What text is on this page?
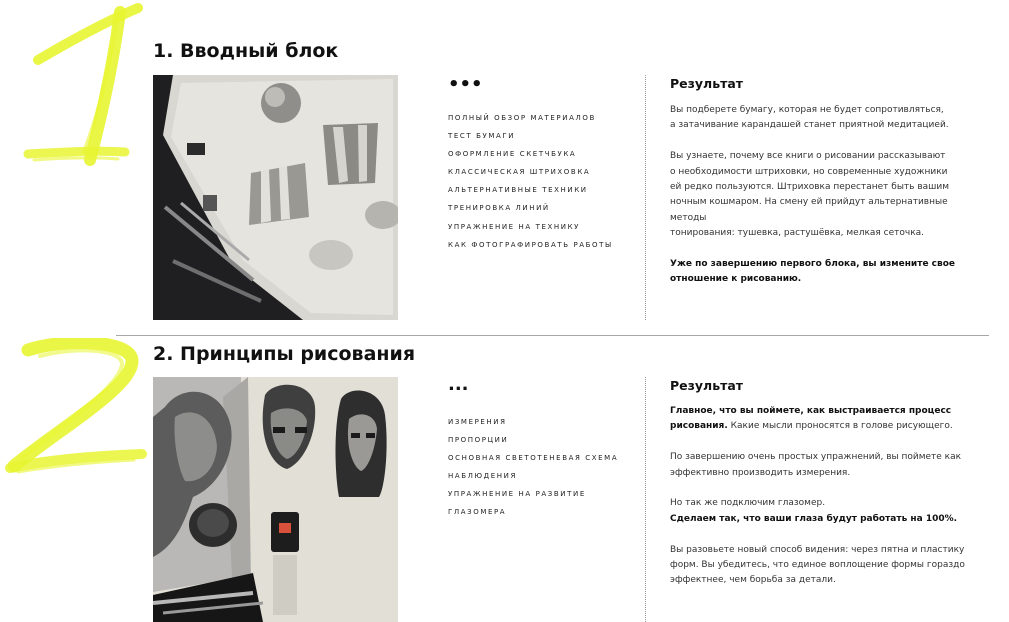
1. Вводный блок
•••
ПОЛНЫЙ ОБЗОР МАТЕРИАЛОВ
ТЕСТ БУМАГИ
ОФОРМЛЕНИЕ СКЕТЧБУКА
КЛАССИЧЕСКАЯ ШТРИХОВКА
АЛЬТЕРНАТИВНЫЕ ТЕХНИКИ
ТРЕНИРОВКА ЛИНИЙ
УПРАЖНЕНИЕ НА ТЕХНИКУ
КАК ФОТОГРАФИРОВАТЬ РАБОТЫ
Результат

Вы подберете бумагу, которая не будет сопротивляться,
а затачивание карандашей станет приятной медитацией.

Вы узнаете, почему все книги о рисовании рассказывают
о необходимости штриховки, но современные художники
ей редко пользуются. Штриховка перестанет быть вашим
ночным кошмаром. На смену ей прийдут альтернативные методы
тонирования: тушевка, растушёвка, мелкая сеточка.

Уже по завершению первого блока, вы измените свое
отношение к рисованию.

2. Принципы рисования
...
ИЗМЕРЕНИЯ
ПРОПОРЦИИ
ОСНОВНАЯ СВЕТОТЕНЕВАЯ СХЕМА
НАБЛЮДЕНИЯ
УПРАЖНЕНИЕ НА РАЗВИТИЕ
ГЛАЗОМЕРА
Результат

Главное, что вы поймете, как выстраивается процесс
рисования. Какие мысли проносятся в голове рисующего.

По завершению очень простых упражнений, вы поймете как
эффективно производить измерения.

Но так же подключим глазомер.
Сделаем так, что ваши глаза будут работать на 100%.

Вы разовьете новый способ видения: через пятна и пластику
форм. Вы убедитесь, что единое воплощение формы гораздо
эффектнее, чем борьба за детали.
